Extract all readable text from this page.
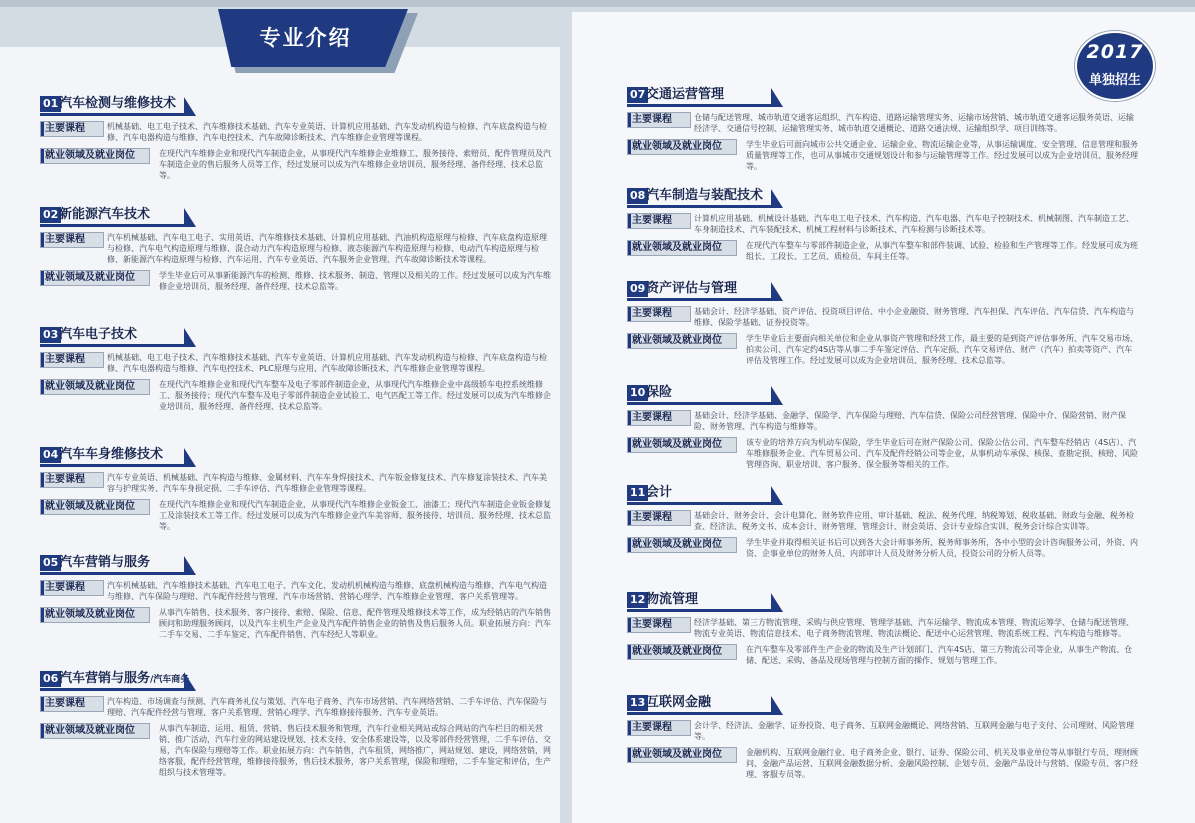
专业介绍
2017
单独招生
01 汽车检测与维修技术
主要课程	机械基础、电工电子技术、汽车维修技术基础、汽车专业英语、计算机应用基础、汽车发动机构造与检修、汽车底盘构造与检修、汽车电器构造与维修、汽车电控技术、汽车故障诊断技术、汽车维修企业管理等课程。
就业领域及就业岗位	在现代汽车维修企业和现代汽车制造企业，从事现代汽车维修企业维修工、服务接待、索赔员、配件管理员及汽车制造企业的售后服务人员等工作，经过发展可以成为汽车维修企业培训员、服务经理、备件经理、技术总监等。
02 新能源汽车技术
主要课程	汽车机械基础、汽车电工电子、实用英语、汽车维修技术基础、计算机应用基础、汽油机构造原理与检修、汽车底盘构造原理与检修、汽车电气构造原理与维修、混合动力汽车构造原理与检修、液态能源汽车构造原理与检修、电动汽车构造原理与检修、新能源汽车构造原理与检修、汽车运用、汽车专业英语、汽车服务企业管理、汽车故障诊断技术等课程。
就业领域及就业岗位	学生毕业后可从事新能源汽车的检测、维修、技术服务、制造、管理以及相关的工作。经过发展可以成为汽车维修企业培训员、服务经理、备件经理、技术总监等。
03 汽车电子技术
主要课程	机械基础、电工电子技术、汽车维修技术基础、汽车专业英语、计算机应用基础、汽车发动机构造与检修、汽车底盘构造与检修、汽车电器构造与维修、汽车电控技术、PLC原理与应用、汽车故障诊断技术、汽车维修企业管理等课程。
就业领域及就业岗位	在现代汽车维修企业和现代汽车整车及电子零部件制造企业，从事现代汽车维修企业中高级轿车电控系统维修工、服务接待；现代汽车整车及电子零部件制造企业试验工、电气匹配工等工作。经过发展可以成为汽车维修企业培训员、服务经理、备件经理、技术总监等。
04 汽车车身维修技术
主要课程	汽车专业英语、机械基础、汽车构造与维修、金属材料、汽车车身焊接技术、汽车钣金修复技术、汽车修复涂装技术、汽车美容与护理实务、汽车车身损定损、二手车评估、汽车维修企业管理等课程。
就业领域及就业岗位	在现代汽车维修企业和现代汽车制造企业，从事现代汽车维修企业钣金工、油漆工；现代汽车制造企业钣金修复工及涂装技术工等工作。经过发展可以成为汽车维修企业汽车美容师、服务接待、培训员、服务经理、技术总监等。
05 汽车营销与服务
主要课程	汽车机械基础、汽车维修技术基础、汽车电工电子、汽车文化、发动机机械构造与维修、底盘机械构造与维修、汽车电气构造与维修、汽车保险与理赔、汽车配件经营与管理、汽车市场营销、营销心理学、汽车维修企业管理、客户关系管理等。
就业领域及就业岗位	从事汽车销售、技术服务、客户接待、索赔、保险、信息、配件管理及维修技术等工作，成为经销店的汽车销售顾问和助理服务顾问，以及汽车主机生产企业及汽车配件销售企业的销售及售后服务人员。职业拓展方向：汽车二手车交易、二手车鉴定、汽车配件销售、汽车经纪人等职业。
06 汽车营销与服务/汽车商务
主要课程	汽车构造、市场调查与预测、汽车商务礼仪与策划、汽车电子商务、汽车市场营销、汽车网络营销、二手车评估、汽车保险与理赔、汽车配件经营与管理、客户关系管理、营销心理学、汽车维修接待服务、汽车专业英语。
就业领域及就业岗位	从事汽车制造、运用、租赁、营销、售后技术服务和管理，汽车行业相关网站或综合网站的汽车栏目的相关营销、推广活动，汽车行业的网站建设规划、技术支持、安全体系建设等，以及零部件经营管理，二手车评估、交易，汽车保险与理赔等工作。职业拓展方向：汽车销售，汽车租赁，网络推广，网站规划、建设，网络营销，网络客服，配件经营管理，维修接待服务，售后技术服务，客户关系管理，保险和理赔，二手车鉴定和评估，生产组织与技术管理等。
07 交通运营管理
主要课程	仓储与配送管理、城市轨道交通客运组织、汽车构造、道路运输管理实务、运输市场营销、城市轨道交通客运服务英语、运输经济学、交通信号控制、运输管理实务、城市轨道交通概论、道路交通法规、运输组织学、项目训练等。
就业领域及就业岗位	学生毕业后可面向城市公共交通企业、运输企业、物流运输企业等，从事运输调度、安全管理、信息管理和服务质量管理等工作，也可从事城市交通规划设计和参与运输管理等工作。经过发展可以成为企业培训员、服务经理等。
08 汽车制造与装配技术
主要课程	计算机应用基础、机械设计基础、汽车电工电子技术、汽车构造、汽车电器、汽车电子控制技术、机械制图、汽车制造工艺、车身制造技术、汽车装配技术、机械工程材料与诊断技术、汽车检测与诊断技术等。
就业领域及就业岗位	在现代汽车整车与零部件制造企业，从事汽车整车和部件装调、试验、检验和生产管理等工作。经发展可成为班组长、工段长、工艺员、质检员、车间主任等。
09 资产评估与管理
主要课程	基础会计、经济学基础、资产评估、投资项目评估、中小企业融资、财务管理、汽车担保、汽车评估、汽车信贷、汽车构造与维修、保险学基础、证券投资等。
就业领域及就业岗位	学生毕业后主要面向相关单位和企业从事资产管理和经营工作，最主要的是到资产评估事务所、汽车交易市场、拍卖公司、汽车定约4S店等从事二手车鉴定评估、汽车定损、汽车交易评估、财产（汽车）拍卖等资产、汽车评估及管理工作。经过发展可以成为企业培训员、服务经理、技术总监等。
10 保险
主要课程	基础会计、经济学基础、金融学、保险学、汽车保险与理赔、汽车信贷、保险公司经营管理、保险中介、保险营销、财产保险、财务管理、汽车构造与维修等。
就业领域及就业岗位	该专业的培养方向为机动车保险，学生毕业后可在财产保险公司、保险公估公司、汽车整车经销店（4S店）、汽车维修服务企业、汽车贸易公司、汽车及配件经销公司等企业，从事机动车承保、核保、查勘定损、核赔、风险管理咨询、职业培训、客户服务、保全服务等相关的工作。
11 会计
主要课程	基础会计、财务会计、会计电算化、财务软件应用、审计基础、税法、税务代理、纳税筹划、税收基础、财政与金融、税务检查、经济法、税务文书、成本会计、财务管理、管理会计、财会英语、会计专业综合实训、税务会计综合实训等。
就业领域及就业岗位	学生毕业并取得相关证书后可以到各大会计师事务所、税务师事务所，各中小型的会计咨询服务公司，外资、内资、企事业单位的财务人员、内部审计人员及财务分析人员，投资公司的分析人员等。
12 物流管理
主要课程	经济学基础、第三方物流管理、采购与供应管理、管理学基础、汽车运输学、物流成本管理、物流运筹学、仓储与配送管理、物流专业英语、物流信息技术、电子商务物流管理、物流法概论、配送中心运营管理、物流系统工程、汽车构造与维修等。
就业领域及就业岗位	在汽车整车及零部件生产企业的物流及生产计划部门、汽车4S店、第三方物流公司等企业，从事生产物流、仓储、配送、采购、备品及现场管理与控制方面的操作、规划与管理工作。
13 互联网金融
主要课程	会计学、经济法、金融学、证券投资、电子商务、互联网金融概论、网络营销、互联网金融与电子支付、公司理财、风险管理等。
就业领域及就业岗位	金融机构、互联网金融行业、电子商务企业、银行、证券、保险公司、机关及事业单位等从事银行专员、理财顾问、金融产品运营、互联网金融数据分析、金融风险控制、企划专员、金融产品设计与营销、保险专员、客户经理、客服专员等。
